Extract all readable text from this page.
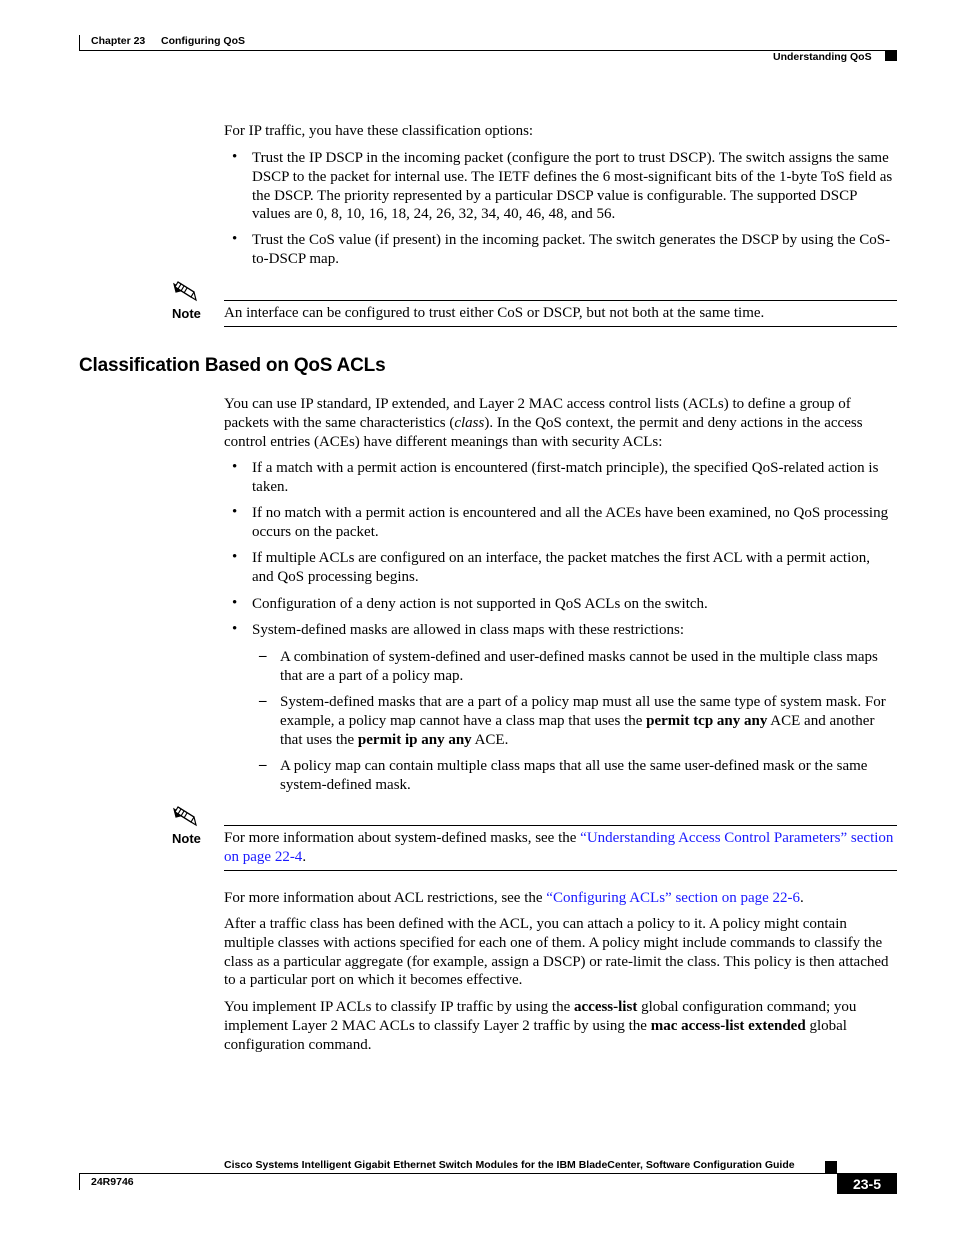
Chapter 23 Configuring QoS
Understanding QoS
For IP traffic, you have these classification options:
• Trust the IP DSCP in the incoming packet (configure the port to trust DSCP). The switch assigns the same DSCP to the packet for internal use. The IETF defines the 6 most-significant bits of the 1-byte ToS field as the DSCP. The priority represented by a particular DSCP value is configurable. The supported DSCP values are 0, 8, 10, 16, 18, 24, 26, 32, 34, 40, 46, 48, and 56.
• Trust the CoS value (if present) in the incoming packet. The switch generates the DSCP by using the CoS-to-DSCP map.
Note An interface can be configured to trust either CoS or DSCP, but not both at the same time.
Classification Based on QoS ACLs
You can use IP standard, IP extended, and Layer 2 MAC access control lists (ACLs) to define a group of packets with the same characteristics (class). In the QoS context, the permit and deny actions in the access control entries (ACEs) have different meanings than with security ACLs:
• If a match with a permit action is encountered (first-match principle), the specified QoS-related action is taken.
• If no match with a permit action is encountered and all the ACEs have been examined, no QoS processing occurs on the packet.
• If multiple ACLs are configured on an interface, the packet matches the first ACL with a permit action, and QoS processing begins.
• Configuration of a deny action is not supported in QoS ACLs on the switch.
• System-defined masks are allowed in class maps with these restrictions:
– A combination of system-defined and user-defined masks cannot be used in the multiple class maps that are a part of a policy map.
– System-defined masks that are a part of a policy map must all use the same type of system mask. For example, a policy map cannot have a class map that uses the permit tcp any any ACE and another that uses the permit ip any any ACE.
– A policy map can contain multiple class maps that all use the same user-defined mask or the same system-defined mask.
Note For more information about system-defined masks, see the “Understanding Access Control Parameters” section on page 22-4.
For more information about ACL restrictions, see the “Configuring ACLs” section on page 22-6.
After a traffic class has been defined with the ACL, you can attach a policy to it. A policy might contain multiple classes with actions specified for each one of them. A policy might include commands to classify the class as a particular aggregate (for example, assign a DSCP) or rate-limit the class. This policy is then attached to a particular port on which it becomes effective.
You implement IP ACLs to classify IP traffic by using the access-list global configuration command; you implement Layer 2 MAC ACLs to classify Layer 2 traffic by using the mac access-list extended global configuration command.
Cisco Systems Intelligent Gigabit Ethernet Switch Modules for the IBM BladeCenter, Software Configuration Guide
24R9746	23-5
